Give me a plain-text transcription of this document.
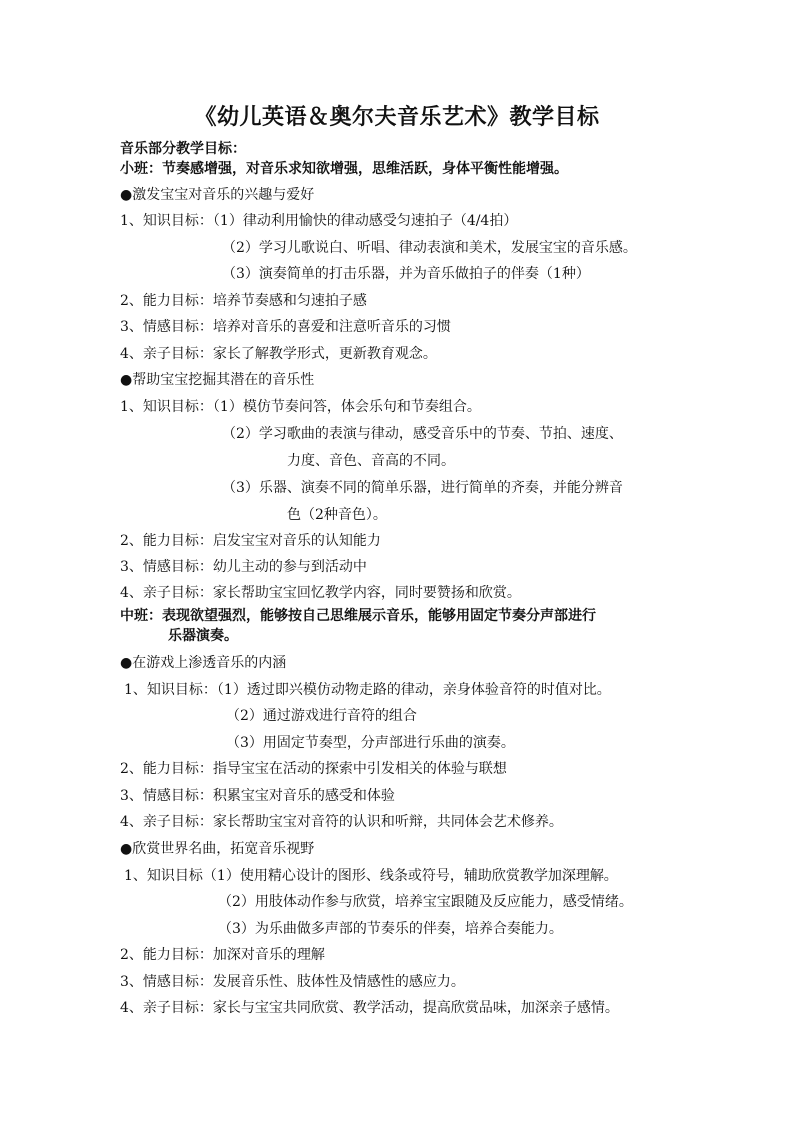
《幼儿英语＆奥尔夫音乐艺术》教学目标
音乐部分教学目标：
小班：节奏感增强，对音乐求知欲增强，思维活跃，身体平衡性能增强。
●激发宝宝对音乐的兴趣与爱好
1、知识目标：（1）律动利用愉快的律动感受匀速拍子（4/4拍）
（2）学习儿歌说白、听唱、律动表演和美术，发展宝宝的音乐感。
（3）演奏简单的打击乐器，并为音乐做拍子的伴奏（1种）
2、能力目标：培养节奏感和匀速拍子感
3、情感目标：培养对音乐的喜爱和注意听音乐的习惯
4、亲子目标：家长了解教学形式，更新教育观念。
●帮助宝宝挖掘其潜在的音乐性
1、知识目标：（1）模仿节奏问答，体会乐句和节奏组合。
（2）学习歌曲的表演与律动，感受音乐中的节奏、节拍、速度、
力度、音色、音高的不同。
（3）乐器、演奏不同的简单乐器，进行简单的齐奏，并能分辨音
色（2种音色）。
2、能力目标：启发宝宝对音乐的认知能力
3、情感目标：幼儿主动的参与到活动中
4、亲子目标：家长帮助宝宝回忆教学内容，同时要赞扬和欣赏。
中班：表现欲望强烈，能够按自己思维展示音乐，能够用固定节奏分声部进行
乐器演奏。
●在游戏上渗透音乐的内涵
1、知识目标：（1）透过即兴模仿动物走路的律动，亲身体验音符的时值对比。
（2）通过游戏进行音符的组合
（3）用固定节奏型，分声部进行乐曲的演奏。
2、能力目标：指导宝宝在活动的探索中引发相关的体验与联想
3、情感目标：积累宝宝对音乐的感受和体验
4、亲子目标：家长帮助宝宝对音符的认识和听辩，共同体会艺术修养。
●欣赏世界名曲，拓宽音乐视野
1、知识目标（1）使用精心设计的图形、线条或符号，辅助欣赏教学加深理解。
（2）用肢体动作参与欣赏，培养宝宝跟随及反应能力，感受情绪。
（3）为乐曲做多声部的节奏乐的伴奏，培养合奏能力。
2、能力目标：加深对音乐的理解
3、情感目标：发展音乐性、肢体性及情感性的感应力。
4、亲子目标：家长与宝宝共同欣赏、教学活动，提高欣赏品味，加深亲子感情。
